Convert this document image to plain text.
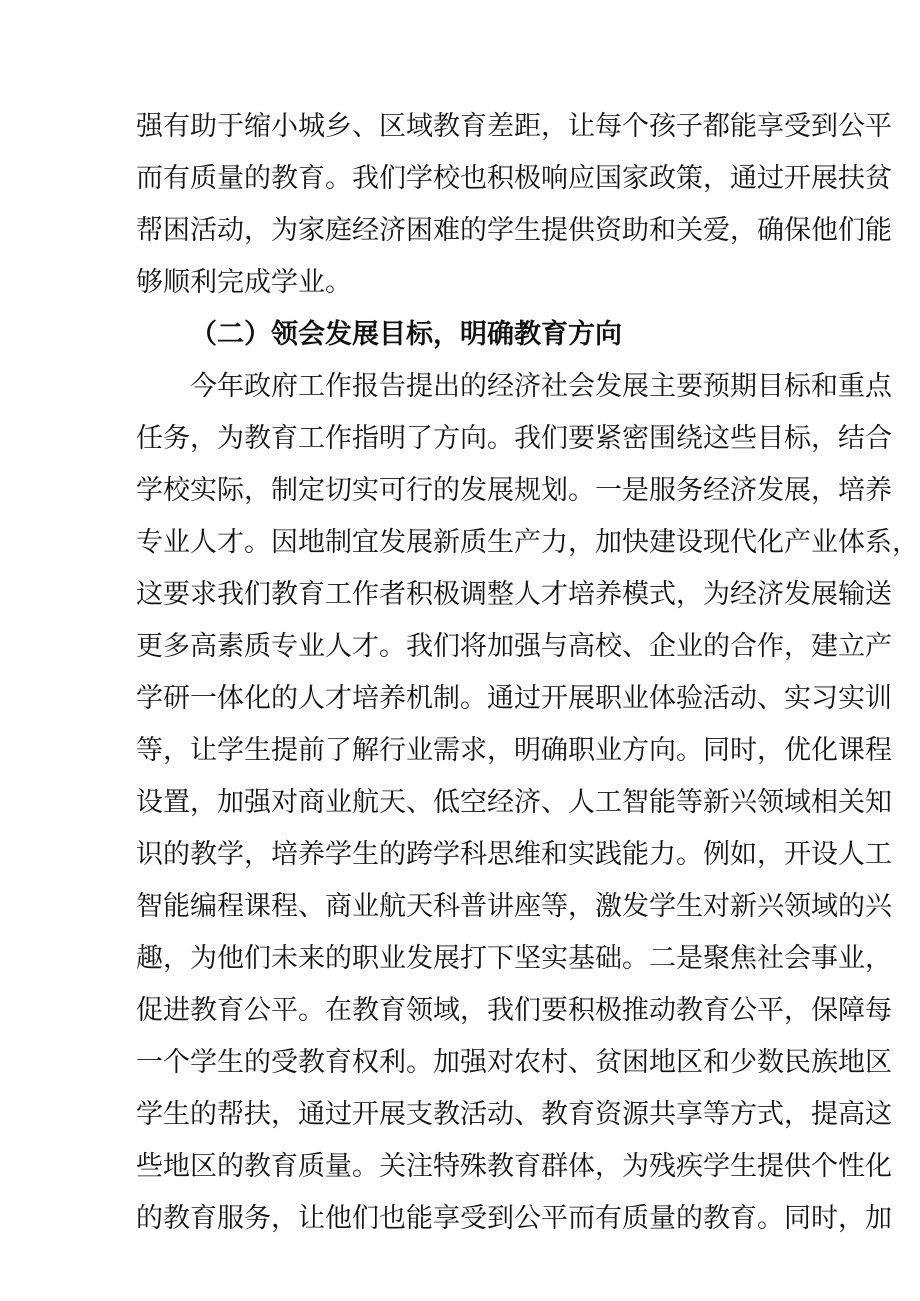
强有助于缩小城乡、区域教育差距，让每个孩子都能享受到公平
而有质量的教育。我们学校也积极响应国家政策，通过开展扶贫
帮困活动，为家庭经济困难的学生提供资助和关爱，确保他们能
够顺利完成学业。
（二）领会发展目标，明确教育方向
今年政府工作报告提出的经济社会发展主要预期目标和重点
任务，为教育工作指明了方向。我们要紧密围绕这些目标，结合
学校实际，制定切实可行的发展规划。一是服务经济发展，培养
专业人才。因地制宜发展新质生产力，加快建设现代化产业体系，
这要求我们教育工作者积极调整人才培养模式，为经济发展输送
更多高素质专业人才。我们将加强与高校、企业的合作，建立产
学研一体化的人才培养机制。通过开展职业体验活动、实习实训
等，让学生提前了解行业需求，明确职业方向。同时，优化课程
设置，加强对商业航天、低空经济、人工智能等新兴领域相关知
识的教学，培养学生的跨学科思维和实践能力。例如，开设人工
智能编程课程、商业航天科普讲座等，激发学生对新兴领域的兴
趣，为他们未来的职业发展打下坚实基础。二是聚焦社会事业，
促进教育公平。在教育领域，我们要积极推动教育公平，保障每
一个学生的受教育权利。加强对农村、贫困地区和少数民族地区
学生的帮扶，通过开展支教活动、教育资源共享等方式，提高这
些地区的教育质量。关注特殊教育群体，为残疾学生提供个性化
的教育服务，让他们也能享受到公平而有质量的教育。同时，加
